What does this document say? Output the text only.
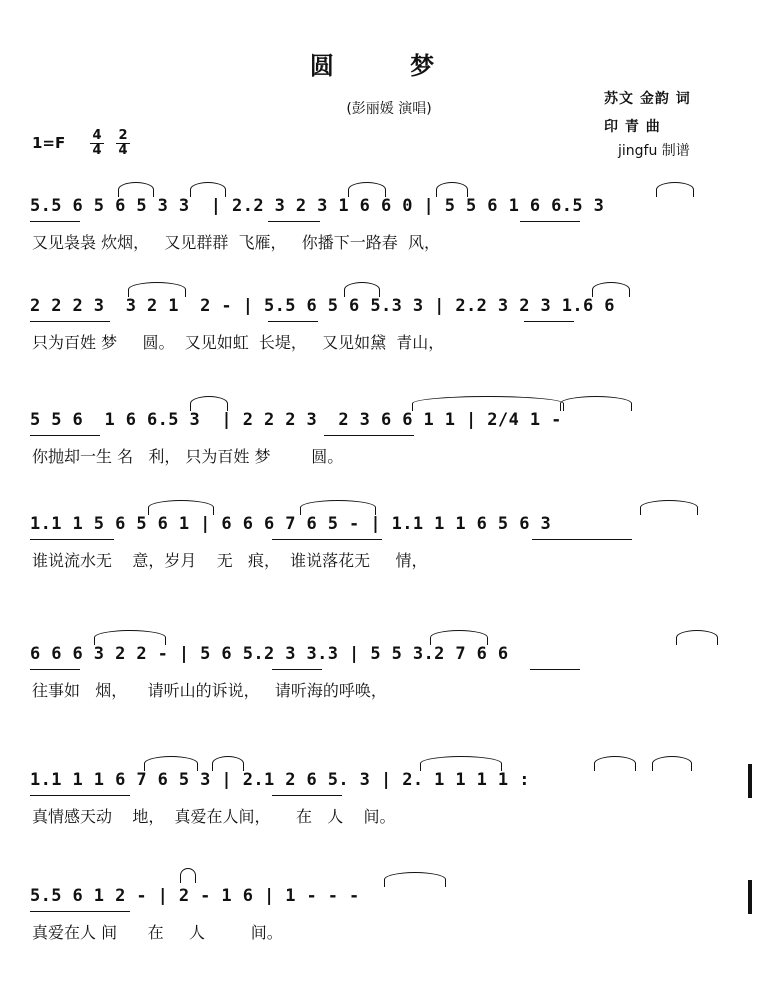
圆 梦
(彭丽媛 演唱)
苏文 金韵 词
印 青 曲
jingfu 制谱
1=F 4
4
2
4
5.5 6 5 6 5 3 3  | 2.2 3 2 3 1 6 6 0 | 5 5 6 1 6 6.5 3
又见袅袅 炊烟，   又见群群  飞雁，   你播下一路春  风，
2 2 2 3  3 2 1  2 - | 5.5 6 5 6 5.3 3 | 2.2 3 2 3 1.6 6
只为百姓 梦     圆。  又见如虹  长堤，   又见如黛  青山，
5 5 6  1 6 6.5 3  | 2 2 2 3  2 3 6 6 1 1 | 2/4 1 -
你抛却一生 名   利， 只为百姓 梦        圆。
1.1 1 5 6 5 6 1 | 6 6 6 7 6 5 - | 1.1 1 1 6 5 6 3
谁说流水无    意，岁月    无   痕，  谁说落花无     情，
6 6 6 3 2 2 - | 5 6 5.2 3 3.3 | 5 5 3.2 7 6 6
往事如   烟，    请听山的诉说，   请听海的呼唤，
1.1 1 1 6 7 6 5 3 | 2.1 2 6 5. 3 | 2. 1 1 1 1 :
真情感天动    地，  真爱在人间，     在   人    间。
5.5 6 1 2 - | 2 - 1 6 | 1 - - -
真爱在人 间      在     人         间。
